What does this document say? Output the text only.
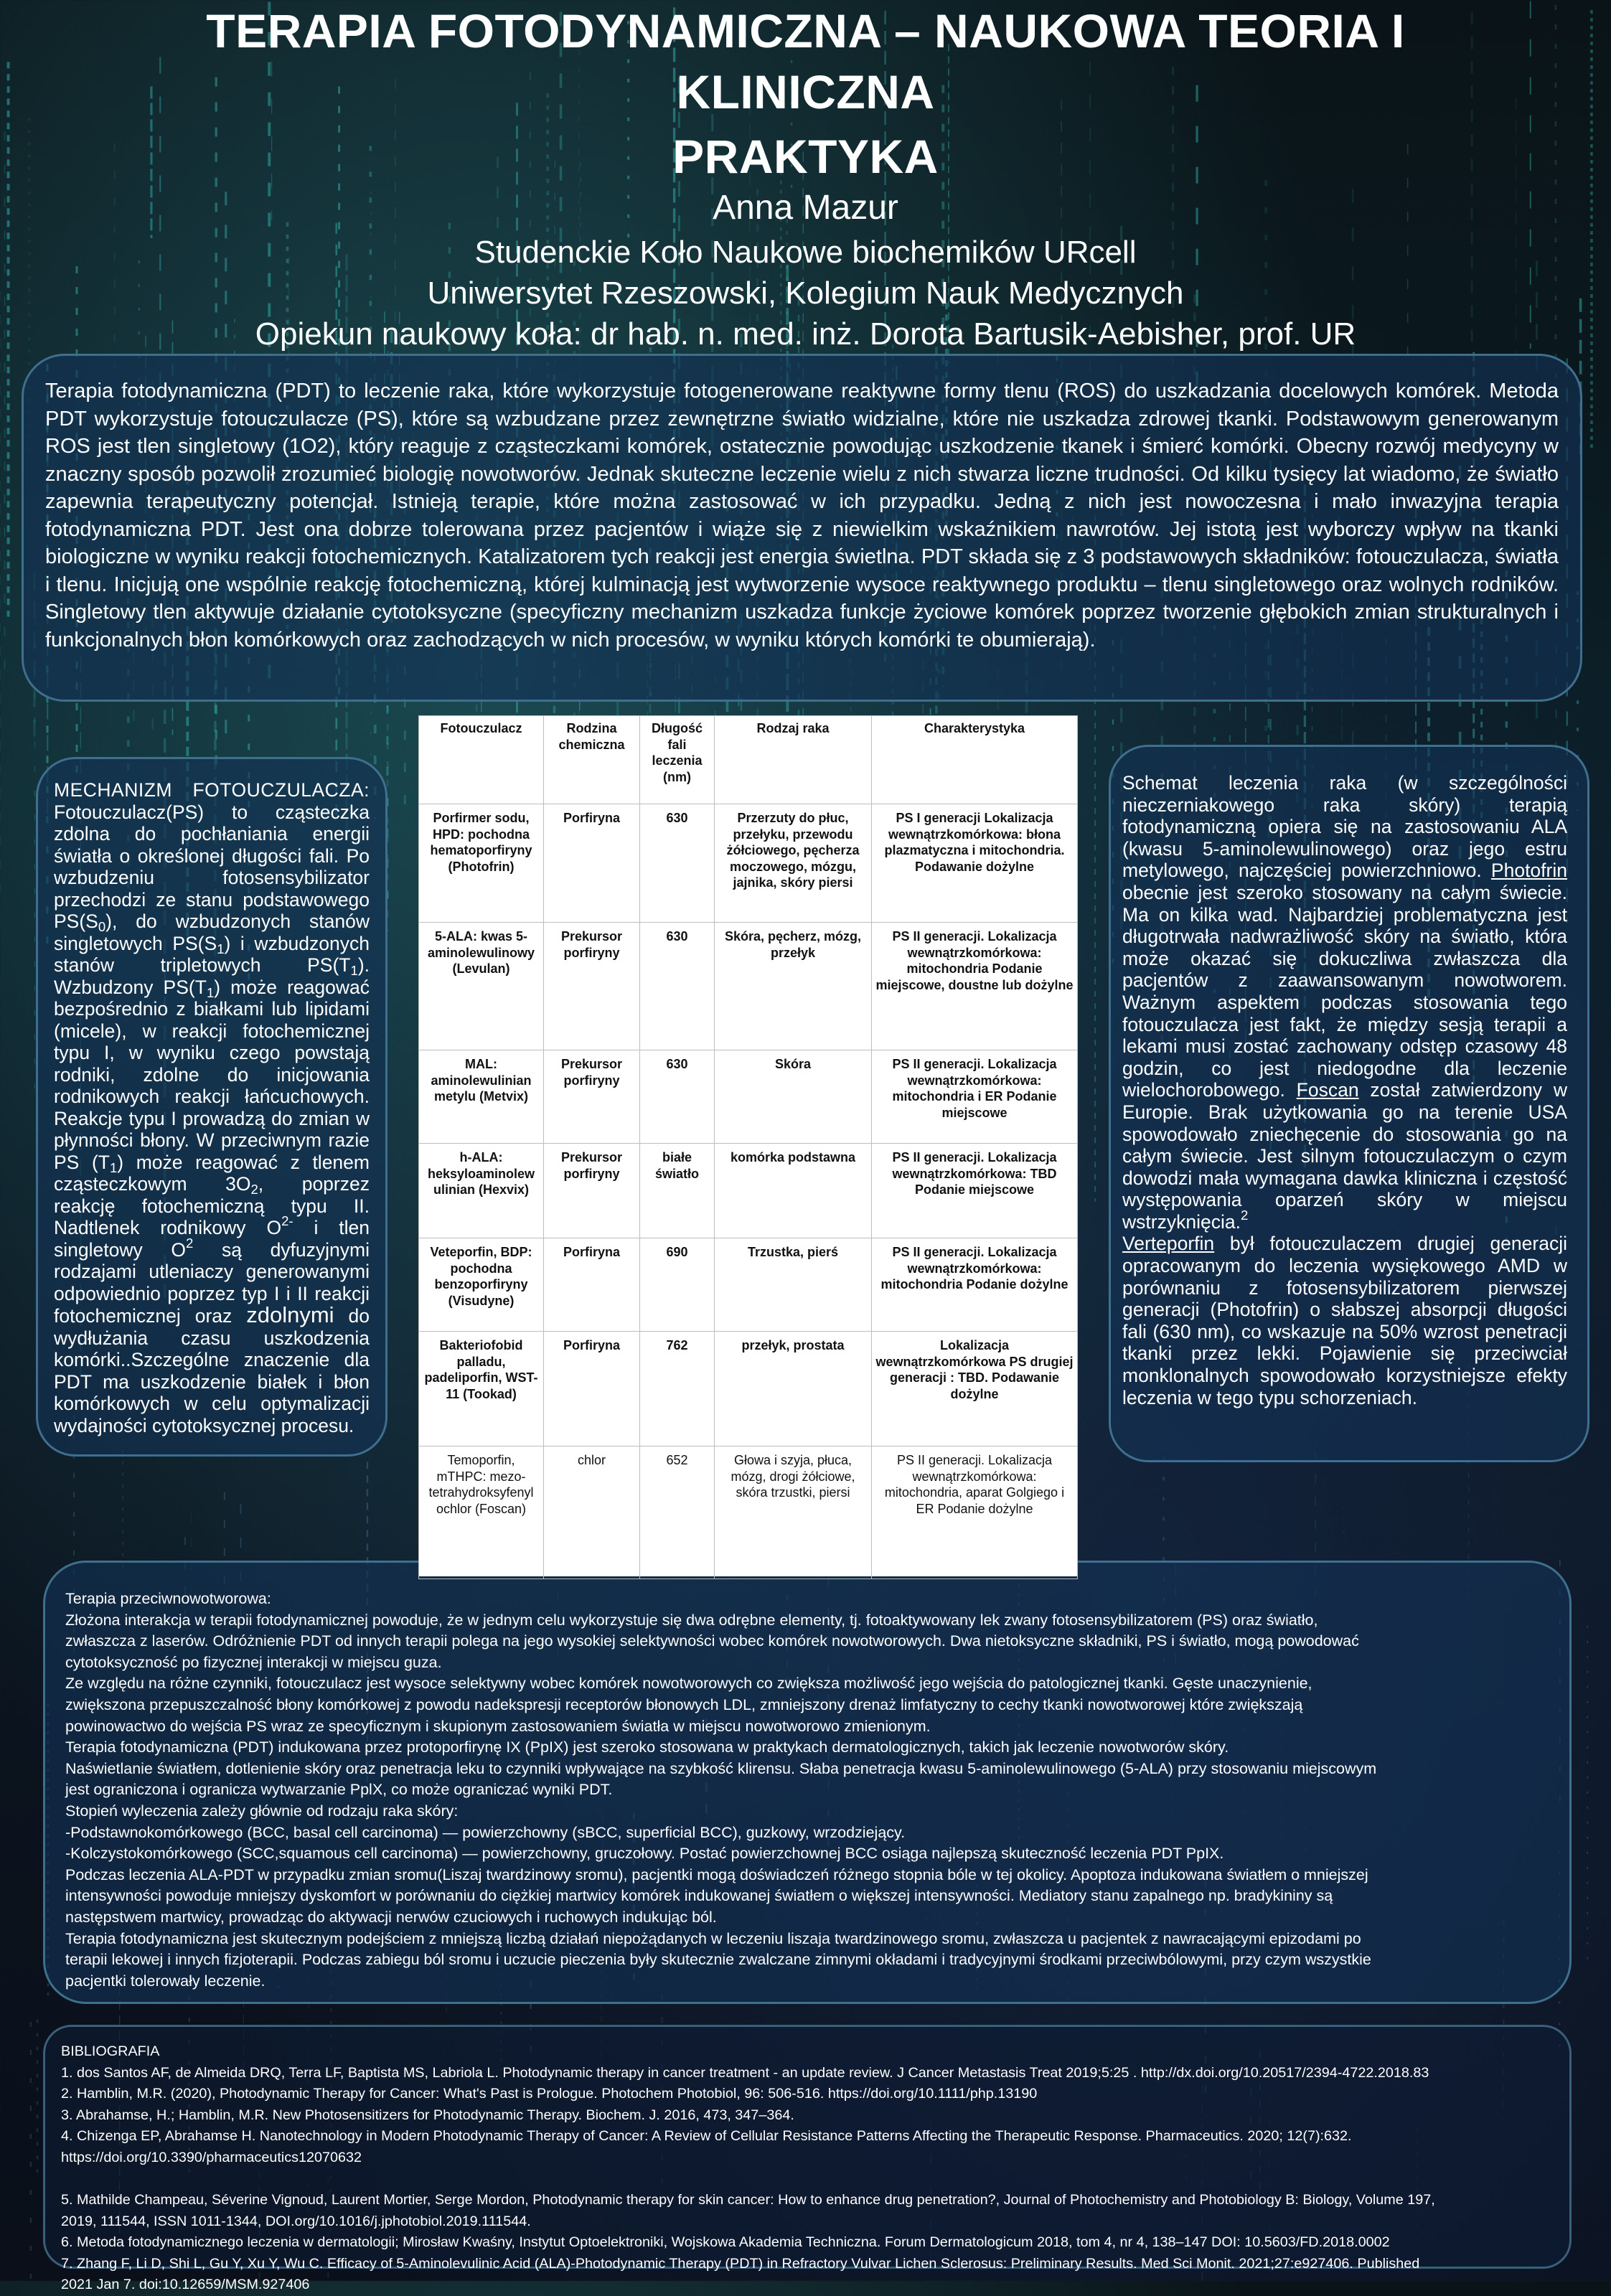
TERAPIA FOTODYNAMICZNA – NAUKOWA TEORIA I
KLINICZNA
PRAKTYKA
Anna Mazur
Studenckie Koło Naukowe biochemików URcell
Uniwersytet Rzeszowski, Kolegium Nauk Medycznych
Opiekun naukowy koła: dr hab. n. med. inż. Dorota Bartusik-Aebisher, prof. UR

Terapia fotodynamiczna (PDT) to leczenie raka, które wykorzystuje fotogenerowane reaktywne formy tlenu (ROS) do uszkadzania docelowych komórek. Metoda PDT wykorzystuje fotouczulacze (PS), które są wzbudzane przez zewnętrzne światło widzialne, które nie uszkadza zdrowej tkanki. Podstawowym generowanym ROS jest tlen singletowy (1O2), który reaguje z cząsteczkami komórek, ostatecznie powodując uszkodzenie tkanek i śmierć komórki. Obecny rozwój medycyny w znaczny sposób pozwolił zrozumieć biologię nowotworów. Jednak skuteczne leczenie wielu z nich stwarza liczne trudności. Od kilku tysięcy lat wiadomo, że światło zapewnia terapeutyczny potencjał. Istnieją terapie, które można zastosować w ich przypadku. Jedną z nich jest nowoczesna i mało inwazyjna terapia fotodynamiczna PDT. Jest ona dobrze tolerowana przez pacjentów i wiąże się z niewielkim wskaźnikiem nawrotów. Jej istotą jest wyborczy wpływ na tkanki biologiczne w wyniku reakcji fotochemicznych. Katalizatorem tych reakcji jest energia świetlna. PDT składa się z 3 podstawowych składników: fotouczulacza, światła i tlenu. Inicjują one wspólnie reakcję fotochemiczną, której kulminacją jest wytworzenie wysoce reaktywnego produktu – tlenu singletowego oraz wolnych rodników. Singletowy tlen aktywuje działanie cytotoksyczne (specyficzny mechanizm uszkadza funkcje życiowe komórek poprzez tworzenie głębokich zmian strukturalnych i funkcjonalnych błon komórkowych oraz zachodzących w nich procesów, w wyniku których komórki te obumierają).

MECHANIZM FOTOUCZULACZA: Fotouczulacz(PS) to cząsteczka zdolna do pochłaniania energii światła o określonej długości fali. Po wzbudzeniu fotosensybilizator przechodzi ze stanu podstawowego $PS(S_0)$, do wzbudzonych stanów singletowych $PS(S_1)$ i wzbudzonych stanów tripletowych $PS(T_1)$. Wzbudzony $PS(T_1)$ może reagować bezpośrednio z białkami lub lipidami (micele), w reakcji fotochemicznej typu I, w wyniku czego powstają rodniki, zdolne do inicjowania rodnikowych reakcji łańcuchowych. Reakcje typu I prowadzą do zmian w płynności błony. W przeciwnym razie PS $(T_1)$ może reagować z tlenem cząsteczkowym $3O_2$, poprzez reakcję fotochemiczną typu II. Nadtlenek rodnikowy $O^{2-}$ i tlen singletowy $O^2$ są dyfuzyjnymi rodzajami utleniaczy generowanymi odpowiednio poprzez typ I i II reakcji fotochemicznej oraz zdolnymi do wydłużania czasu uszkodzenia komórki..Szczególne znaczenie dla PDT ma uszkodzenie białek i błon komórkowych w celu optymalizacji wydajności cytotoksycznej procesu.

Fotouczulacz	Rodzina chemiczna	Długość fali leczenia (nm)	Rodzaj raka	Charakterystyka
Porfirmer sodu, HPD: pochodna hematoporfiryny (Photofrin)	Porfiryna	630	Przerzuty do płuc, przełyku, przewodu żółciowego, pęcherza moczowego, mózgu, jajnika, skóry piersi	PS I generacji Lokalizacja wewnątrzkomórkowa: błona plazmatyczna i mitochondria. Podawanie dożylne
5-ALA: kwas 5-aminolewulinowy (Levulan)	Prekursor porfiryny	630	Skóra, pęcherz, mózg, przełyk	PS II generacji. Lokalizacja wewnątrzkomórkowa: mitochondria Podanie miejscowe, doustne lub dożylne
MAL: aminolewulinian metylu (Metvix)	Prekursor porfiryny	630	Skóra	PS II generacji. Lokalizacja wewnątrzkomórkowa: mitochondria i ER Podanie miejscowe
h-ALA: heksyloaminolew ulinian (Hexvix)	Prekursor porfiryny	białe światło	komórka podstawna	PS II generacji. Lokalizacja wewnątrzkomórkowa: TBD Podanie miejscowe
Veteporfin, BDP: pochodna benzoporfiryny (Visudyne)	Porfiryna	690	Trzustka, pierś	PS II generacji. Lokalizacja wewnątrzkomórkowa: mitochondria Podanie dożylne
Bakteriofobid palladu, padeliporfin, WST-11 (Tookad)	Porfiryna	762	przełyk, prostata	Lokalizacja wewnątrzkomórkowa PS drugiej generacji : TBD. Podawanie dożylne
Temoporfin, mTHPC: mezo-tetrahydroksyfenyl ochlor (Foscan)	chlor	652	Głowa i szyja, płuca, mózg, drogi żółciowe, skóra trzustki, piersi	PS II generacji. Lokalizacja wewnątrzkomórkowa: mitochondria, aparat Golgiego i ER Podanie dożylne

Schemat leczenia raka (w szczególności nieczerniakowego raka skóry) terapią fotodynamiczną opiera się na zastosowaniu ALA (kwasu 5-aminolewulinowego) oraz jego estru metylowego, najczęściej powierzchniowo. Photofrin obecnie jest szeroko stosowany na całym świecie. Ma on kilka wad. Najbardziej problematyczna jest długotrwała nadwrażliwość skóry na światło, która może okazać się dokuczliwa zwłaszcza dla pacjentów z zaawansowanym nowotworem. Ważnym aspektem podczas stosowania tego fotouczulacza jest fakt, że między sesją terapii a lekami musi zostać zachowany odstęp czasowy 48 godzin, co jest niedogodne dla leczenie wielochorobowego. Foscan został zatwierdzony w Europie. Brak użytkowania go na terenie USA spowodowało zniechęcenie do stosowania go na całym świecie. Jest silnym fotouczulaczym o czym dowodzi mała wymagana dawka kliniczna i częstość występowania oparzeń skóry w miejscu wstrzyknięcia.$^2$
Verteporfin był fotouczulaczem drugiej generacji opracowanym do leczenia wysiękowego AMD w porównaniu z fotosensybilizatorem pierwszej generacji (Photofrin) o słabszej absorpcji długości fali (630 nm), co wskazuje na 50% wzrost penetracji tkanki przez lekki. Pojawienie się przeciwciał monklonalnych spowodowało korzystniejsze efekty leczenia w tego typu schorzeniach.

Terapia przeciwnowotworowa:

Złożona interakcja w terapii fotodynamicznej powoduje, że w jednym celu wykorzystuje się dwa odrębne elementy, tj. fotoaktywowany lek zwany fotosensybilizatorem (PS) oraz światło,

zwłaszcza z laserów. Odróżnienie PDT od innych terapii polega na jego wysokiej selektywności wobec komórek nowotworowych. Dwa nietoksyczne składniki, PS i światło, mogą powodować

cytotoksyczność po fizycznej interakcji w miejscu guza.

Ze względu na różne czynniki, fotouczulacz jest wysoce selektywny wobec komórek nowotworowych co zwiększa możliwość jego wejścia do patologicznej tkanki. Gęste unaczynienie,

zwiększona przepuszczalność błony komórkowej z powodu nadekspresji receptorów błonowych LDL, zmniejszony drenaż limfatyczny to cechy tkanki nowotworowej które zwiększają

powinowactwo do wejścia PS wraz ze specyficznym i skupionym zastosowaniem światła w miejscu nowotworowo zmienionym.

Terapia fotodynamiczna (PDT) indukowana przez protoporfirynę IX (PpIX) jest szeroko stosowana w praktykach dermatologicznych, takich jak leczenie nowotworów skóry.

Naświetlanie światłem, dotlenienie skóry oraz penetracja leku to czynniki wpływające na szybkość klirensu. Słaba penetracja kwasu 5-aminolewulinowego (5-ALA) przy stosowaniu miejscowym

jest ograniczona i ogranicza wytwarzanie PplX, co może ograniczać wyniki PDT.

Stopień wyleczenia zależy głównie od rodzaju raka skóry:

-Podstawnokomórkowego (BCC, basal cell carcinoma) — powierzchowny (sBCC, superficial BCC), guzkowy, wrzodziejący.

-Kolczystokomórkowego (SCC,squamous cell carcinoma) — powierzchowny, gruczołowy. Postać powierzchownej BCC osiąga najlepszą skuteczność leczenia PDT PpIX.

Podczas leczenia ALA-PDT w przypadku zmian sromu(Liszaj twardzinowy sromu), pacjentki mogą doświadczeń różnego stopnia bóle w tej okolicy. Apoptoza indukowana światłem o mniejszej

intensywności powoduje mniejszy dyskomfort w porównaniu do ciężkiej martwicy komórek indukowanej światłem o większej intensywności. Mediatory stanu zapalnego np. bradykininy są

następstwem martwicy, prowadząc do aktywacji nerwów czuciowych i ruchowych indukując ból.

Terapia fotodynamiczna jest skutecznym podejściem z mniejszą liczbą działań niepożądanych w leczeniu liszaja twardzinowego sromu, zwłaszcza u pacjentek z nawracającymi epizodami po

terapii lekowej i innych fizjoterapii. Podczas zabiegu ból sromu i uczucie pieczenia były skutecznie zwalczane zimnymi okładami i tradycyjnymi środkami przeciwbólowymi, przy czym wszystkie

pacjentki tolerowały leczenie.

BIBLIOGRAFIA

1. dos Santos AF, de Almeida DRQ, Terra LF, Baptista MS, Labriola L. Photodynamic therapy in cancer treatment - an update review. J Cancer Metastasis Treat 2019;5:25 . http://dx.doi.org/10.20517/2394-4722.2018.83

2. Hamblin, M.R. (2020), Photodynamic Therapy for Cancer: What's Past is Prologue. Photochem Photobiol, 96: 506-516. https://doi.org/10.1111/php.13190

3. Abrahamse, H.; Hamblin, M.R. New Photosensitizers for Photodynamic Therapy. Biochem. J. 2016, 473, 347–364.

4. Chizenga EP, Abrahamse H. Nanotechnology in Modern Photodynamic Therapy of Cancer: A Review of Cellular Resistance Patterns Affecting the Therapeutic Response. Pharmaceutics. 2020; 12(7):632.

https://doi.org/10.3390/pharmaceutics12070632

5. Mathilde Champeau, Séverine Vignoud, Laurent Mortier, Serge Mordon, Photodynamic therapy for skin cancer: How to enhance drug penetration?, Journal of Photochemistry and Photobiology B: Biology, Volume 197,

2019, 111544, ISSN 1011-1344, DOI.org/10.1016/j.jphotobiol.2019.111544.

6. Metoda fotodynamicznego leczenia w dermatologii; Mirosław Kwaśny, Instytut Optoelektroniki, Wojskowa Akademia Techniczna. Forum Dermatologicum 2018, tom 4, nr 4, 138–147 DOI: 10.5603/FD.2018.0002

7. Zhang F, Li D, Shi L, Gu Y, Xu Y, Wu C. Efficacy of 5-Aminolevulinic Acid (ALA)-Photodynamic Therapy (PDT) in Refractory Vulvar Lichen Sclerosus: Preliminary Results. Med Sci Monit. 2021;27:e927406. Published

2021 Jan 7. doi:10.12659/MSM.927406
